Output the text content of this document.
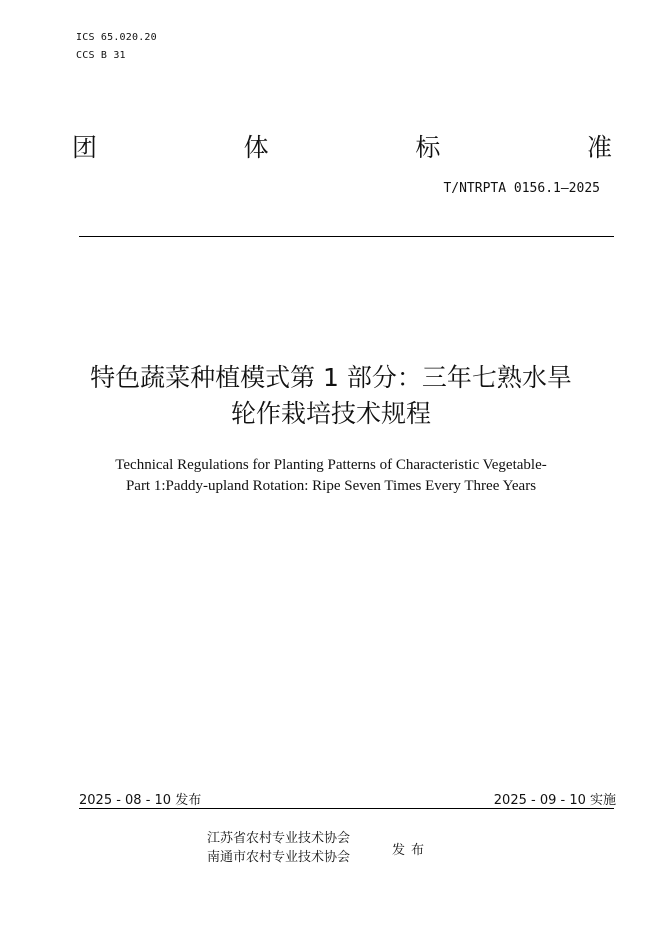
ICS 65.020.20
CCS B 31
团	体	标	准
T/NTRPTA 0156.1—2025
特色蔬菜种植模式第 1 部分：三年七熟水旱
轮作栽培技术规程
Technical Regulations for Planting Patterns of Characteristic Vegetable-
Part 1:Paddy-upland Rotation: Ripe Seven Times Every Three Years
2025 - 08 - 10 发布	2025 - 09 - 10 实施
江苏省农村专业技术协会
南通市农村专业技术协会	发布
